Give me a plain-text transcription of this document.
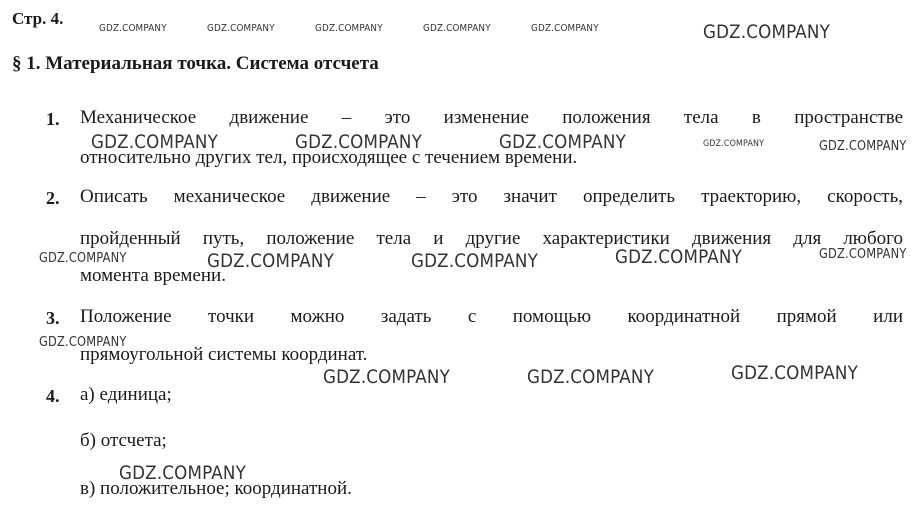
Стр. 4.
§ 1. Материальная точка. Система отсчета
1. Механическое движение – это изменение положения тела в пространстве
относительно других тел, происходящее с течением времени.
2. Описать механическое движение – это значит определить траекторию, скорость,
пройденный путь, положение тела и другие характеристики движения для любого
момента времени.
3. Положение точки можно задать с помощью координатной прямой или
прямоугольной системы координат.
4. а) единица;
б) отсчета;
в) положительное; координатной.
GDZ.COMPANY	GDZ.COMPANY	GDZ.COMPANY	GDZ.COMPANY	GDZ.COMPANY	GDZ.COMPANY
GDZ.COMPANY	GDZ.COMPANY	GDZ.COMPANY	GDZ.COMPANY	GDZ.COMPANY
GDZ.COMPANY	GDZ.COMPANY	GDZ.COMPANY	GDZ.COMPANY	GDZ.COMPANY
GDZ.COMPANY
GDZ.COMPANY	GDZ.COMPANY	GDZ.COMPANY
GDZ.COMPANY
